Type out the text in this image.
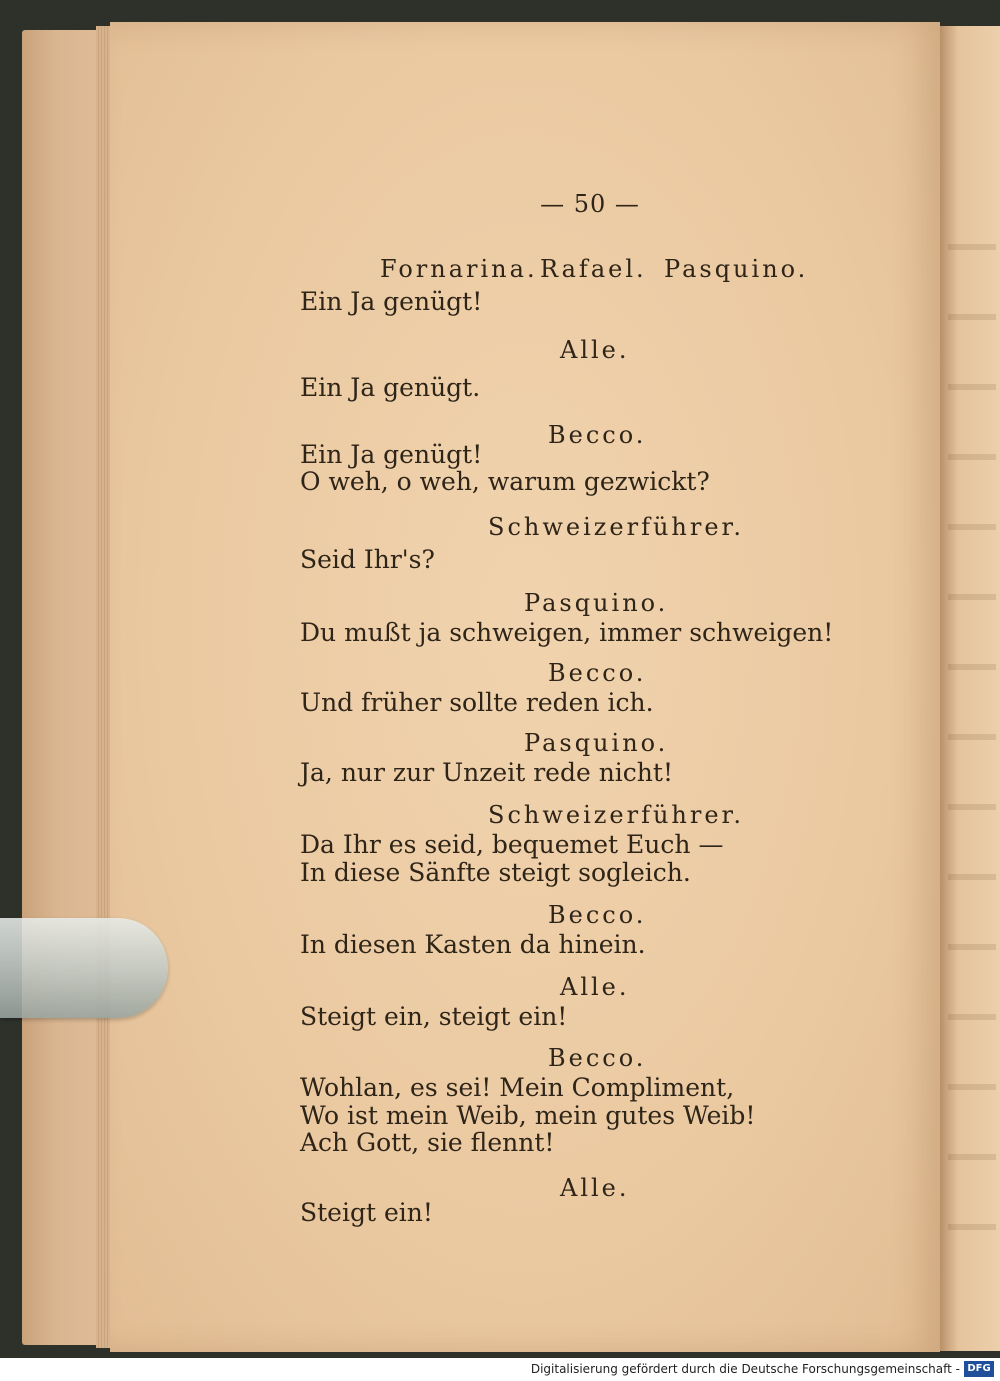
— 50 —
Fornarina. Rafael. Pasquino.
Ein Ja genügt!
Alle.
Ein Ja genügt.
Becco.
Ein Ja genügt!
O weh, o weh, warum gezwickt?
Schweizerführer.
Seid Ihr's?
Pasquino.
Du mußt ja schweigen, immer schweigen!
Becco.
Und früher sollte reden ich.
Pasquino.
Ja, nur zur Unzeit rede nicht!
Schweizerführer.
Da Ihr es seid, bequemet Euch —
In diese Sänfte steigt sogleich.
Becco.
In diesen Kasten da hinein.
Alle.
Steigt ein, steigt ein!
Becco.
Wohlan, es sei! Mein Compliment,
Wo ist mein Weib, mein gutes Weib!
Ach Gott, sie flennt!
Alle.
Steigt ein!
Digitalisierung gefördert durch die Deutsche Forschungsgemeinschaft - DFG
